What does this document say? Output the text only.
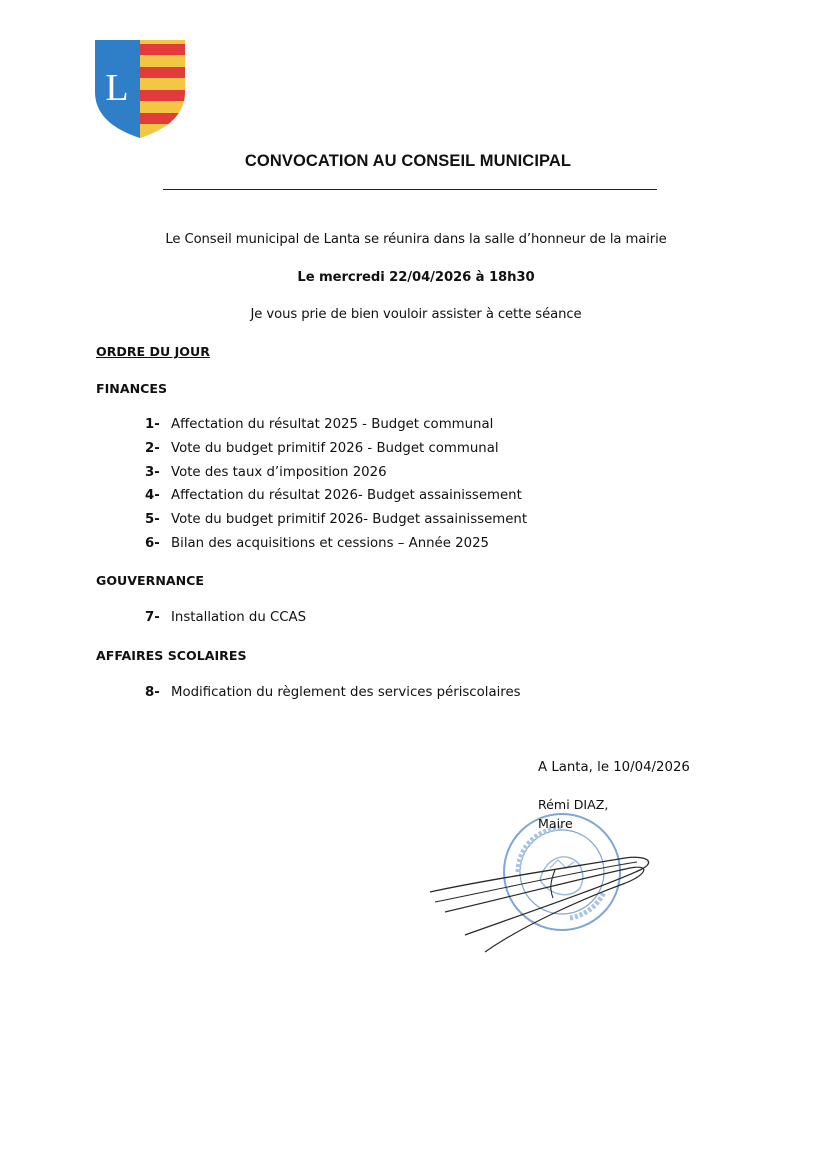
L
CONVOCATION AU CONSEIL MUNICIPAL
Le Conseil municipal de Lanta se réunira dans la salle d’honneur de la mairie
Le mercredi 22/04/2026 à 18h30
Je vous prie de bien vouloir assister à cette séance
ORDRE DU JOUR
FINANCES
1- Affectation du résultat 2025 - Budget communal
2- Vote du budget primitif 2026 - Budget communal
3- Vote des taux d’imposition 2026
4- Affectation du résultat 2026- Budget assainissement
5- Vote du budget primitif 2026- Budget assainissement
6- Bilan des acquisitions et cessions – Année 2025
GOUVERNANCE
7- Installation du CCAS
AFFAIRES SCOLAIRES
8- Modification du règlement des services périscolaires
A Lanta, le 10/04/2026
Rémi DIAZ,
Maire
